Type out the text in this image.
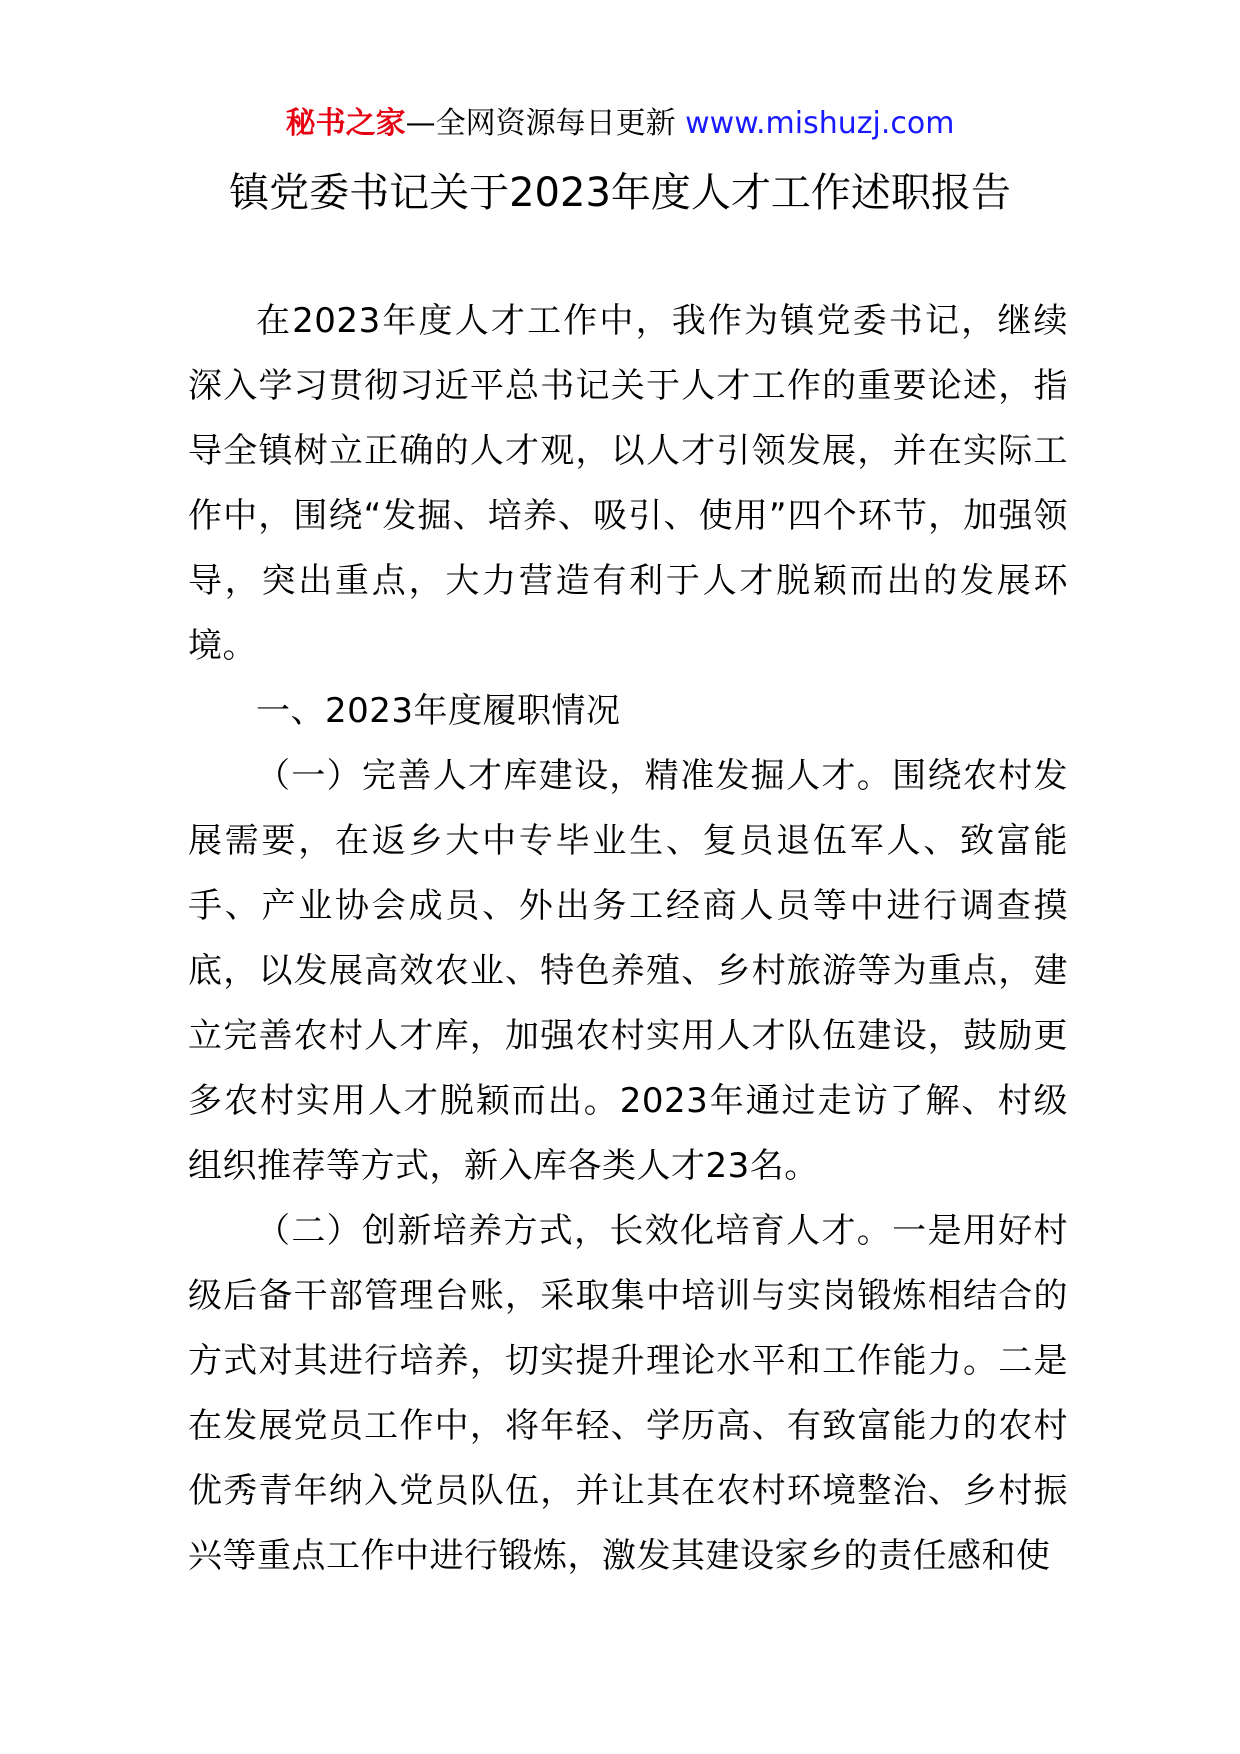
秘书之家—全网资源每日更新 www.mishuzj.com
镇党委书记关于2023年度人才工作述职报告

在2023年度人才工作中，我作为镇党委书记，继续深入学习贯彻习近平总书记关于人才工作的重要论述，指导全镇树立正确的人才观，以人才引领发展，并在实际工作中，围绕“发掘、培养、吸引、使用”四个环节，加强领导，突出重点，大力营造有利于人才脱颖而出的发展环境。

一、2023年度履职情况

（一）完善人才库建设，精准发掘人才。围绕农村发展需要，在返乡大中专毕业生、复员退伍军人、致富能手、产业协会成员、外出务工经商人员等中进行调查摸底，以发展高效农业、特色养殖、乡村旅游等为重点，建立完善农村人才库，加强农村实用人才队伍建设，鼓励更多农村实用人才脱颖而出。2023年通过走访了解、村级组织推荐等方式，新入库各类人才23名。

（二）创新培养方式，长效化培育人才。一是用好村级后备干部管理台账，采取集中培训与实岗锻炼相结合的方式对其进行培养，切实提升理论水平和工作能力。二是在发展党员工作中，将年轻、学历高、有致富能力的农村优秀青年纳入党员队伍，并让其在农村环境整治、乡村振兴等重点工作中进行锻炼，激发其建设家乡的责任感和使
